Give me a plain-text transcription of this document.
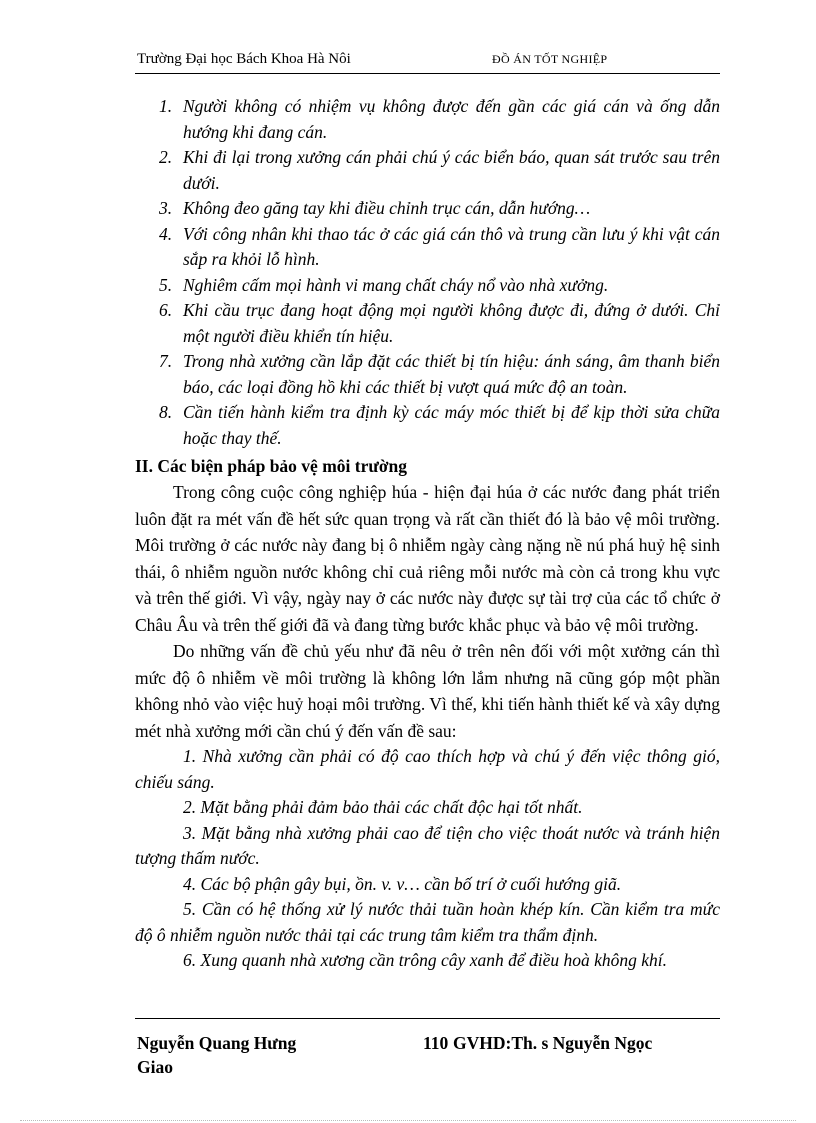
Trường Đại học Bách Khoa Hà Nôi	ĐỒ ÁN TỐT NGHIỆP
1. Người không có nhiệm vụ không được đến gần các giá cán và ống dẫn hướng khi đang cán.
2. Khi đi lại trong xưởng cán phải chú ý các biển báo, quan sát trước sau trên dưới.
3. Không đeo găng tay khi điều chỉnh trục cán, dẫn hướng…
4. Với công nhân khi thao tác ở các giá cán thô và trung cần lưu ý khi vật cán sắp ra khỏi lỗ hình.
5. Nghiêm cấm mọi hành vi mang chất cháy nổ vào nhà xưởng.
6. Khi cầu trục đang hoạt động mọi người không được đi, đứng ở dưới. Chỉ một người điều khiển tín hiệu.
7. Trong nhà xưởng cần lắp đặt các thiết bị tín hiệu: ánh sáng, âm thanh biển báo, các loại đồng hồ khi các thiết bị vượt quá mức độ an toàn.
8. Cần tiến hành kiểm tra định kỳ các máy móc thiết bị để kịp thời sửa chữa hoặc thay thế.
II. Các biện pháp bảo vệ môi trường

Trong công cuộc công nghiệp húa - hiện đại húa ở các nước đang phát triển luôn đặt ra mét vấn đề hết sức quan trọng và rất cần thiết đó là bảo vệ môi trường. Môi trường ở các nước này đang bị ô nhiễm ngày càng nặng nề nú phá huỷ hệ sinh thái, ô nhiễm nguồn nước không chỉ cuả riêng mỗi nước mà còn cả trong khu vực và trên thế giới. Vì vậy, ngày nay ở các nước này được sự tài trợ của các tổ chức ở Châu Âu và trên thế giới đã và đang từng bước khắc phục và bảo vệ môi trường.

Do những vấn đề chủ yếu như đã nêu ở trên nên đối với một xưởng cán thì mức độ ô nhiễm về môi trường là không lớn lắm nhưng nã cũng góp một phần không nhỏ vào việc huỷ hoại môi trường. Vì thế, khi tiến hành thiết kế và xây dựng mét nhà xưởng mới cần chú ý đến vấn đề sau:

1. Nhà xưởng cần phải có độ cao thích hợp và chú ý đến việc thông gió, chiếu sáng.
2. Mặt bằng phải đảm bảo thải các chất độc hại tốt nhất.
3. Mặt bằng nhà xưởng phải cao để tiện cho việc thoát nước và tránh hiện tượng thấm nước.
4. Các bộ phận gây bụi, ồn. v. v… cần bố trí ở cuối hướng giã.
5. Cần có hệ thống xử lý nước thải tuần hoàn khép kín. Cần kiểm tra mức độ ô nhiễm nguồn nước thải tại các trung tâm kiểm tra thẩm định.
6. Xung quanh nhà xương cần trông cây xanh để điều hoà không khí.
Nguyễn Quang Hưng	110 GVHD:Th. s Nguyễn Ngọc
Giao
